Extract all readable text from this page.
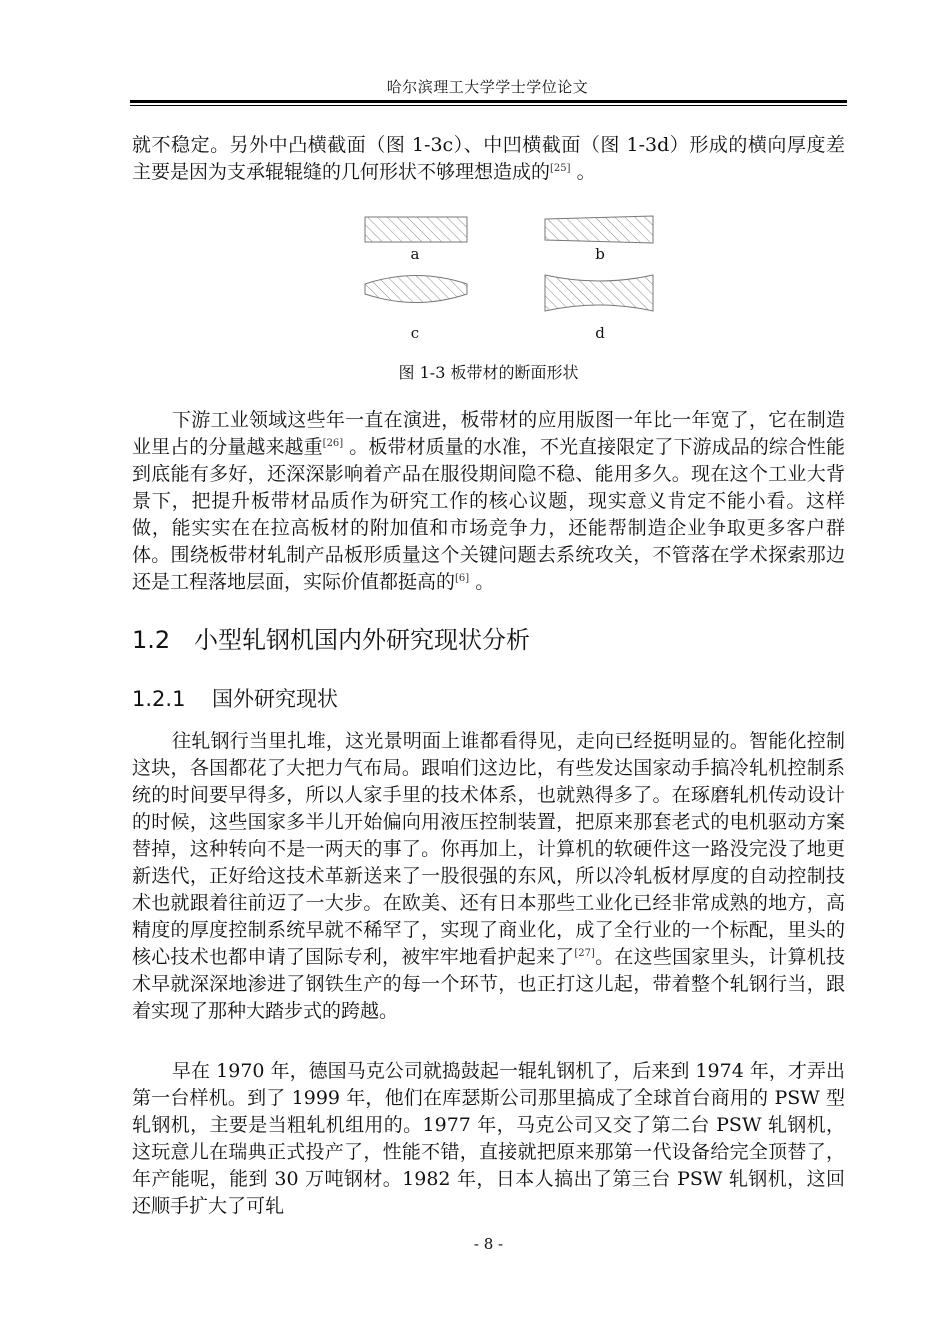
哈尔滨理工大学学士学位论文
就不稳定。另外中凸横截面（图 1-3c）、中凹横截面（图 1-3d）形成的横向厚度差主要是因为支承辊辊缝的几何形状不够理想造成的[25] 。
a	b
c	d
图 1-3 板带材的断面形状
下游工业领域这些年一直在演进，板带材的应用版图一年比一年宽了，它在制造业里占的分量越来越重[26] 。板带材质量的水准，不光直接限定了下游成品的综合性能到底能有多好，还深深影响着产品在服役期间隐不稳、能用多久。现在这个工业大背景下，把提升板带材品质作为研究工作的核心议题，现实意义肯定不能小看。这样做，能实实在在拉高板材的附加值和市场竞争力，还能帮制造企业争取更多客户群体。围绕板带材轧制产品板形质量这个关键问题去系统攻关，不管落在学术探索那边还是工程落地层面，实际价值都挺高的[6] 。
1.2 小型轧钢机国内外研究现状分析
1.2.1 国外研究现状
往轧钢行当里扎堆，这光景明面上谁都看得见，走向已经挺明显的。智能化控制这块，各国都花了大把力气布局。跟咱们这边比，有些发达国家动手搞冷轧机控制系统的时间要早得多，所以人家手里的技术体系，也就熟得多了。在琢磨轧机传动设计的时候，这些国家多半儿开始偏向用液压控制装置，把原来那套老式的电机驱动方案替掉，这种转向不是一两天的事了。你再加上，计算机的软硬件这一路没完没了地更新迭代，正好给这技术革新送来了一股很强的东风，所以冷轧板材厚度的自动控制技术也就跟着往前迈了一大步。在欧美、还有日本那些工业化已经非常成熟的地方，高精度的厚度控制系统早就不稀罕了，实现了商业化，成了全行业的一个标配，里头的核心技术也都申请了国际专利，被牢牢地看护起来了[27]。在这些国家里头，计算机技术早就深深地渗进了钢铁生产的每一个环节，也正打这儿起，带着整个轧钢行当，跟着实现了那种大踏步式的跨越。
早在 1970 年，德国马克公司就捣鼓起一辊轧钢机了，后来到 1974 年，才弄出第一台样机。到了 1999 年，他们在库瑟斯公司那里搞成了全球首台商用的 PSW 型轧钢机，主要是当粗轧机组用的。1977 年，马克公司又交了第二台 PSW 轧钢机，这玩意儿在瑞典正式投产了，性能不错，直接就把原来那第一代设备给完全顶替了，年产能呢，能到 30 万吨钢材。1982 年，日本人搞出了第三台 PSW 轧钢机，这回还顺手扩大了可轧
- 8 -
